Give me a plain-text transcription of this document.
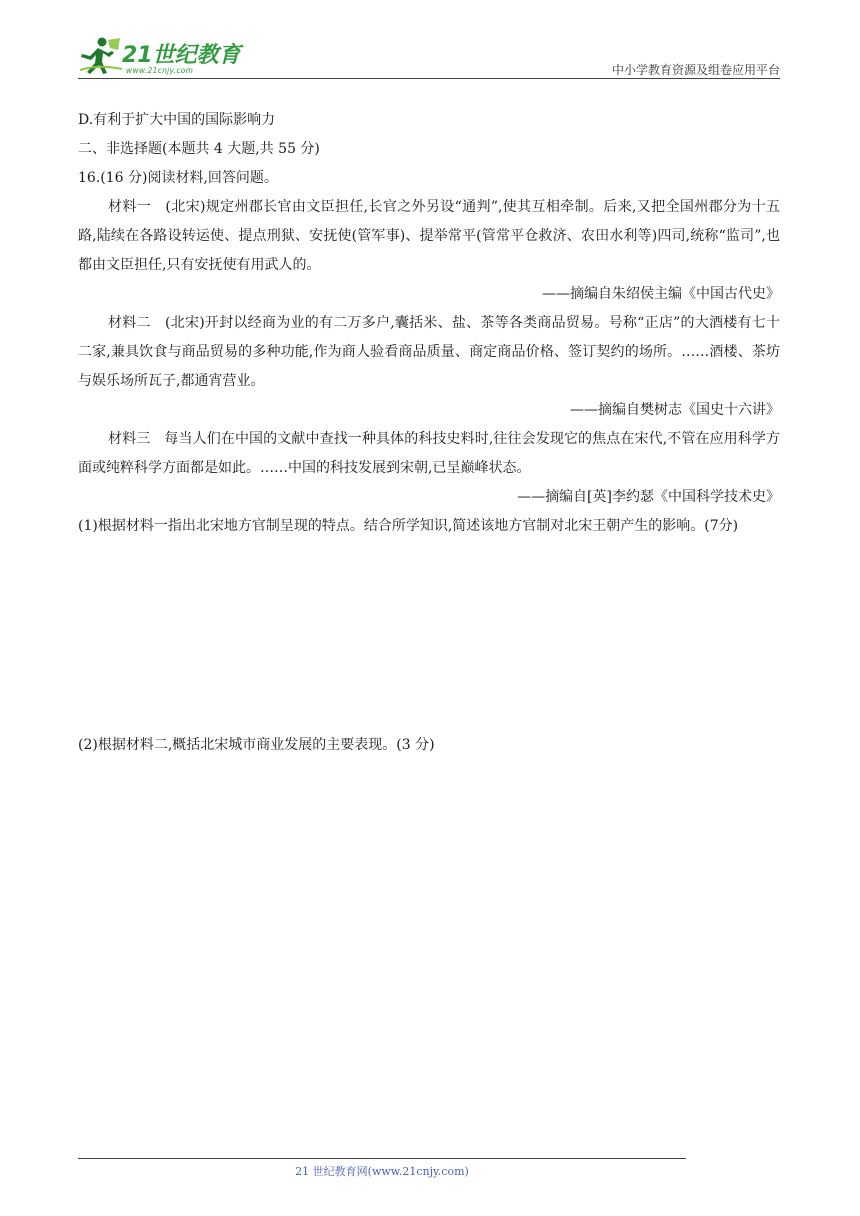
21世纪教育
www.21cnjy.com	中小学教育资源及组卷应用平台
D.有利于扩大中国的国际影响力
二、非选择题(本题共 4 大题,共 55 分)
16.(16 分)阅读材料,回答问题。
材料一　(北宋)规定州郡长官由文臣担任,长官之外另设“通判”,使其互相牵制。后来,又把全国州郡分为十五路,陆续在各路设转运使、提点刑狱、安抚使(管军事)、提举常平(管常平仓救济、农田水利等)四司,统称“监司”,也都由文臣担任,只有安抚使有用武人的。
——摘编自朱绍侯主编《中国古代史》
材料二　(北宋)开封以经商为业的有二万多户,囊括米、盐、茶等各类商品贸易。号称“正店”的大酒楼有七十二家,兼具饮食与商品贸易的多种功能,作为商人验看商品质量、商定商品价格、签订契约的场所。……酒楼、茶坊与娱乐场所瓦子,都通宵营业。
——摘编自樊树志《国史十六讲》
材料三　每当人们在中国的文献中查找一种具体的科技史料时,往往会发现它的焦点在宋代,不管在应用科学方面或纯粹科学方面都是如此。……中国的科技发展到宋朝,已呈巅峰状态。
——摘编自[英]李约瑟《中国科学技术史》
(1)根据材料一指出北宋地方官制呈现的特点。结合所学知识,简述该地方官制对北宋王朝产生的影响。(7分)
(2)根据材料二,概括北宋城市商业发展的主要表现。(3 分)
21 世纪教育网(www.21cnjy.com)
